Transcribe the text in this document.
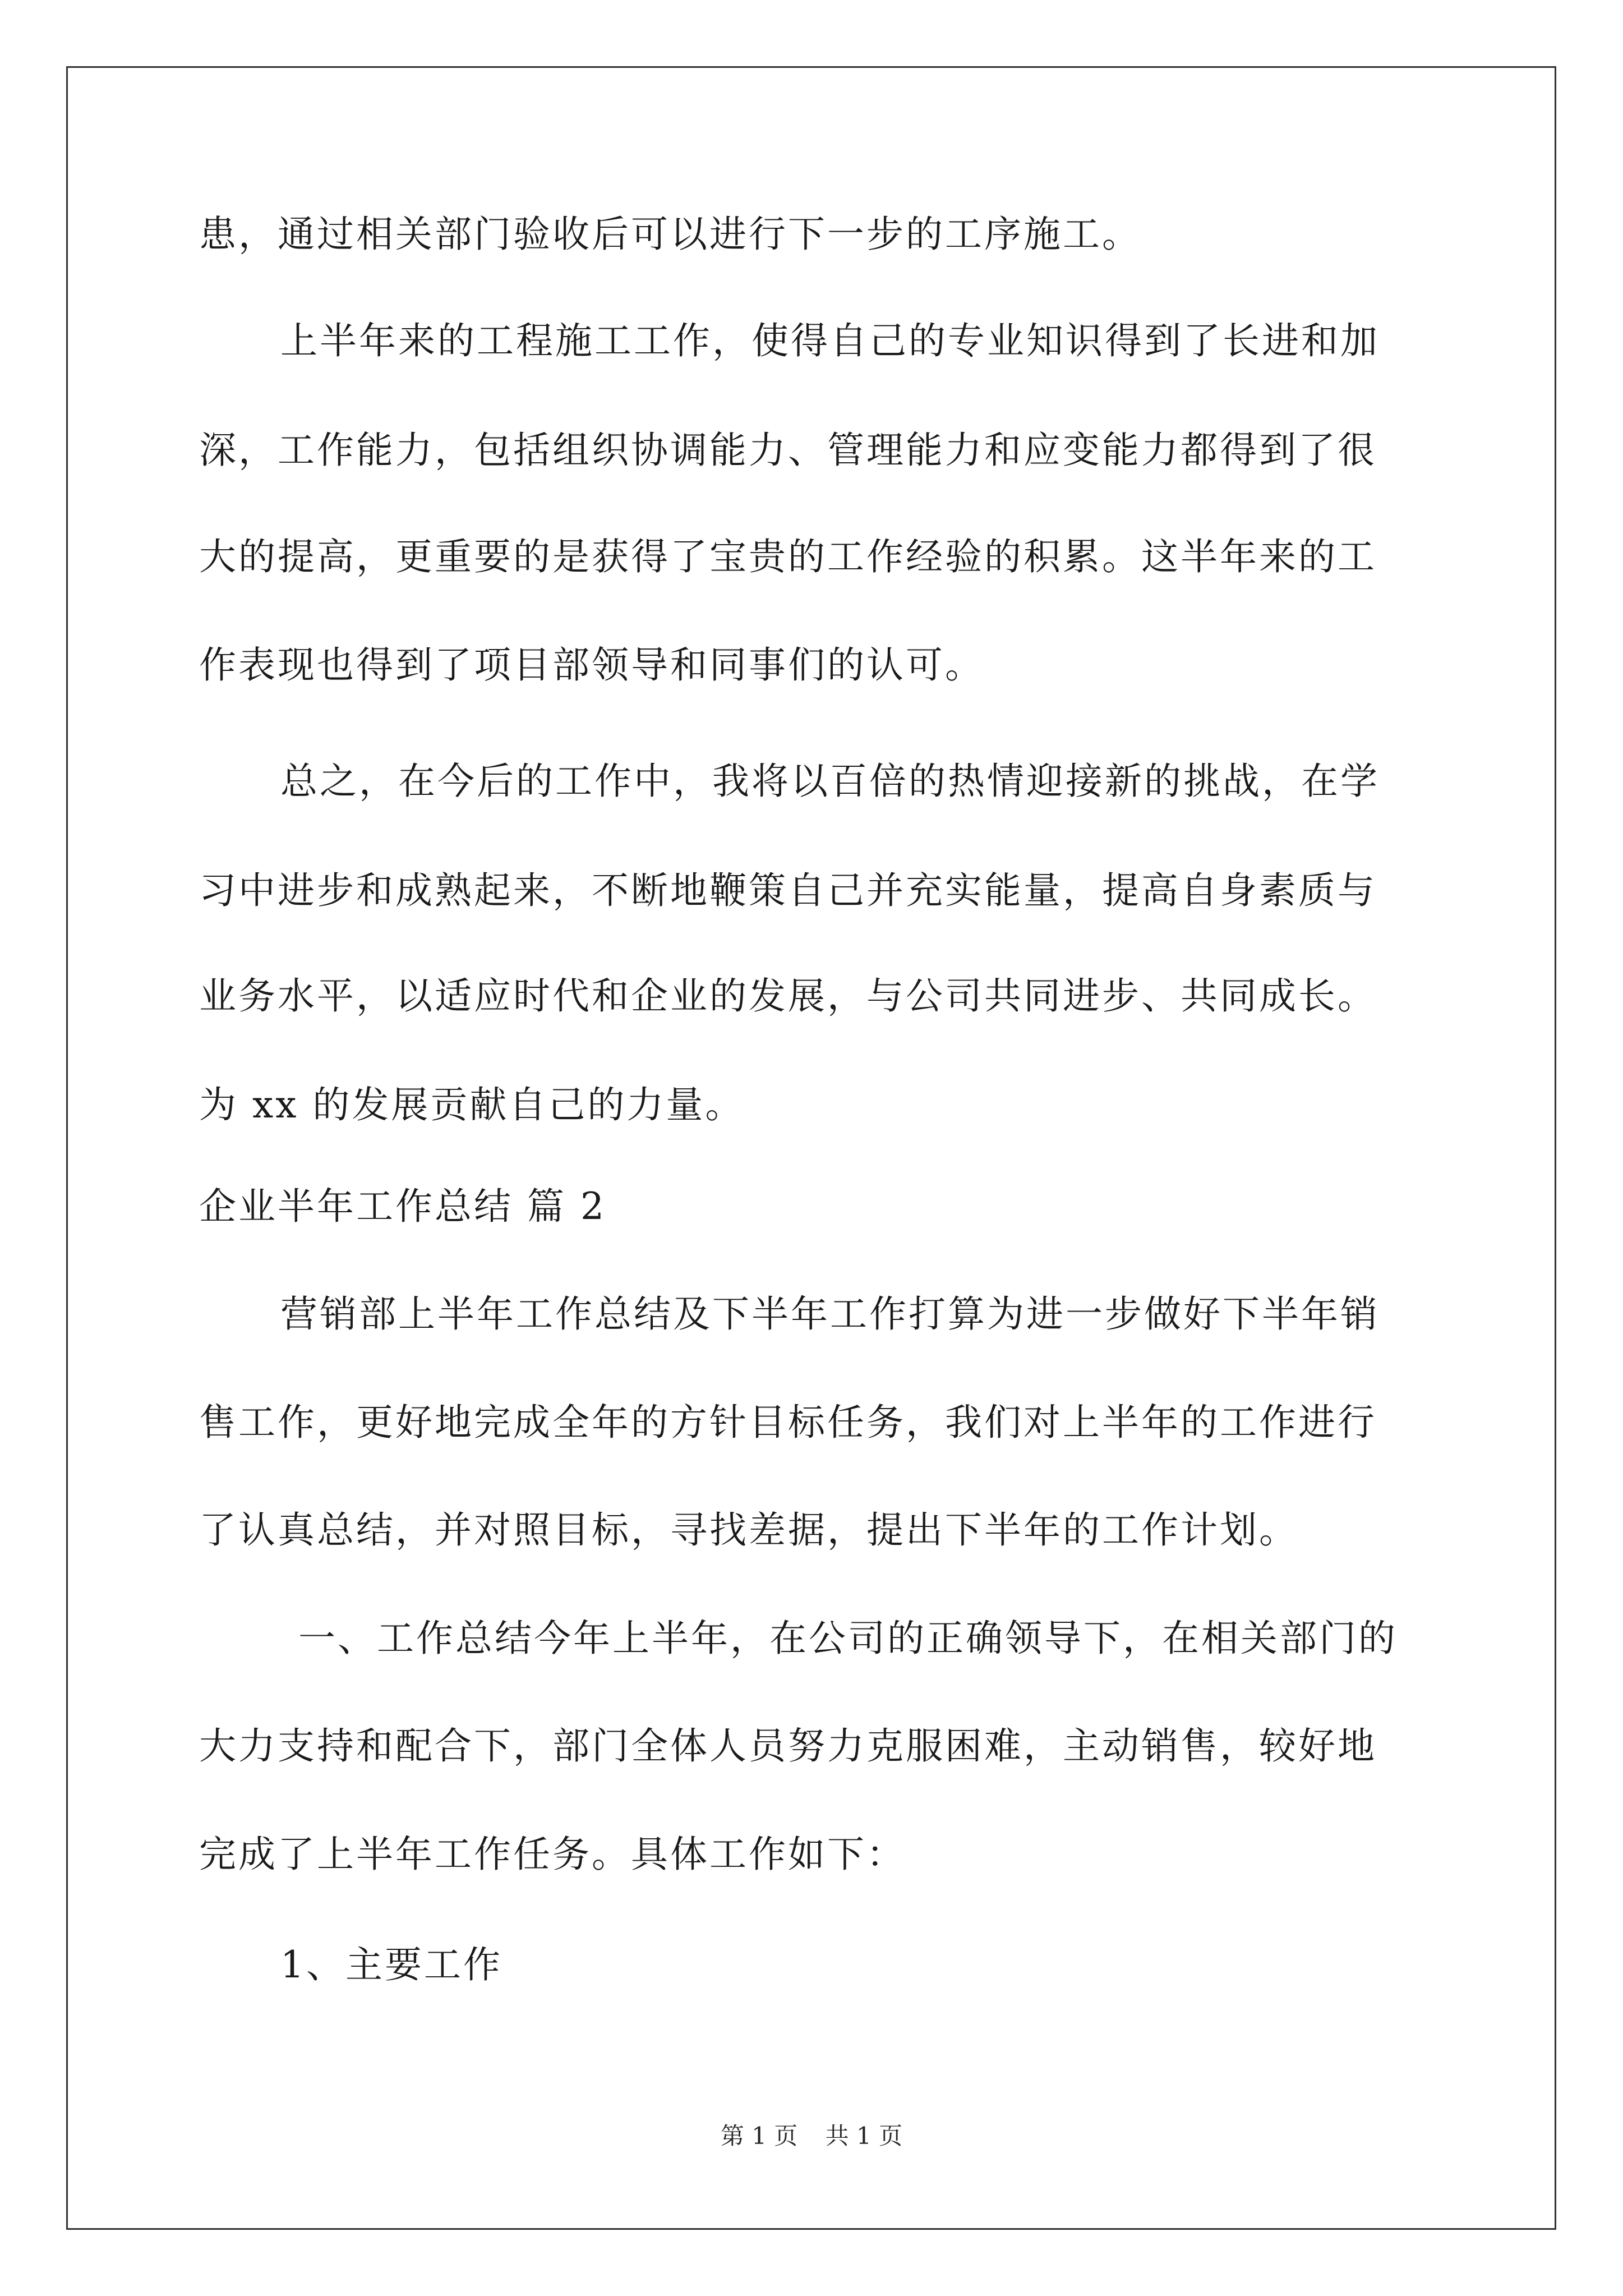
患，通过相关部门验收后可以进行下一步的工序施工。
上半年来的工程施工工作，使得自己的专业知识得到了长进和加
深，工作能力，包括组织协调能力、管理能力和应变能力都得到了很
大的提高，更重要的是获得了宝贵的工作经验的积累。这半年来的工
作表现也得到了项目部领导和同事们的认可。
总之，在今后的工作中，我将以百倍的热情迎接新的挑战，在学
习中进步和成熟起来，不断地鞭策自己并充实能量，提高自身素质与
业务水平，以适应时代和企业的发展，与公司共同进步、共同成长。
为 xx 的发展贡献自己的力量。
企业半年工作总结 篇 2
营销部上半年工作总结及下半年工作打算为进一步做好下半年销
售工作，更好地完成全年的方针目标任务，我们对上半年的工作进行
了认真总结，并对照目标，寻找差据，提出下半年的工作计划。
一、工作总结今年上半年，在公司的正确领导下，在相关部门的
大力支持和配合下，部门全体人员努力克服困难，主动销售，较好地
完成了上半年工作任务。具体工作如下：
1、主要工作
第 1 页 共 1 页
